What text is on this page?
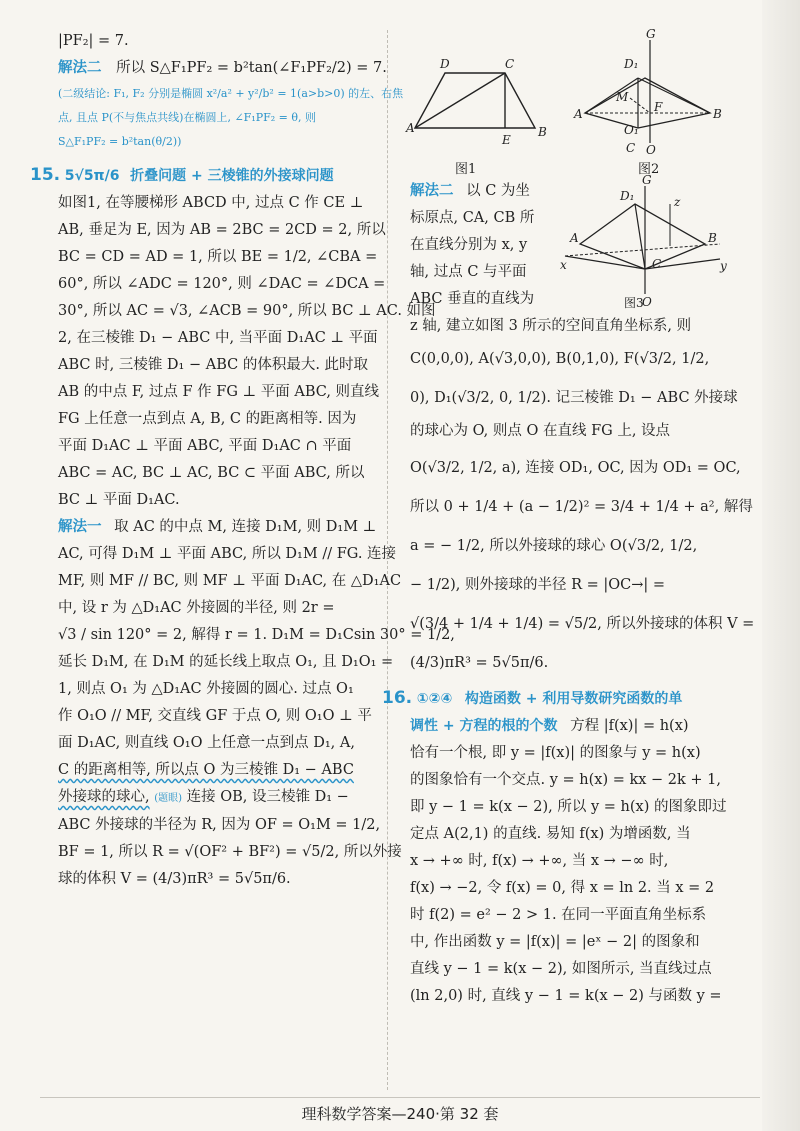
|PF₂| = 7.
解法二 所以 S△F₁PF₂ = b²tan(∠F₁PF₂/2) = 7.
(二级结论: F₁, F₂ 分别是椭圆 x²/a² + y²/b² = 1(a>b>0) 的左、右焦
点, 且点 P(不与焦点共线)在椭圆上, ∠F₁PF₂ = θ, 则
S△F₁PF₂ = b²tan(θ/2))
15. 5√5π/6 折叠问题 + 三棱锥的外接球问题
如图1, 在等腰梯形 ABCD 中, 过点 C 作 CE ⊥
AB, 垂足为 E, 因为 AB = 2BC = 2CD = 2, 所以
BC = CD = AD = 1, 所以 BE = 1/2, ∠CBA =
60°, 所以 ∠ADC = 120°, 则 ∠DAC = ∠DCA =
30°, 所以 AC = √3, ∠ACB = 90°, 所以 BC ⊥ AC. 如图
2, 在三棱锥 D₁ − ABC 中, 当平面 D₁AC ⊥ 平面
ABC 时, 三棱锥 D₁ − ABC 的体积最大. 此时取
AB 的中点 F, 过点 F 作 FG ⊥ 平面 ABC, 则直线
FG 上任意一点到点 A, B, C 的距离相等. 因为
平面 D₁AC ⊥ 平面 ABC, 平面 D₁AC ∩ 平面
ABC = AC, BC ⊥ AC, BC ⊂ 平面 ABC, 所以
BC ⊥ 平面 D₁AC.
解法一 取 AC 的中点 M, 连接 D₁M, 则 D₁M ⊥
AC, 可得 D₁M ⊥ 平面 ABC, 所以 D₁M // FG. 连接
MF, 则 MF // BC, 则 MF ⊥ 平面 D₁AC, 在 △D₁AC
中, 设 r 为 △D₁AC 外接圆的半径, 则 2r =
√3 / sin 120° = 2, 解得 r = 1. D₁M = D₁Csin 30° = 1/2,
延长 D₁M, 在 D₁M 的延长线上取点 O₁, 且 D₁O₁ =
1, 则点 O₁ 为 △D₁AC 外接圆的圆心. 过点 O₁
作 O₁O // MF, 交直线 GF 于点 O, 则 O₁O ⊥ 平
面 D₁AC, 则直线 O₁O 上任意一点到点 D₁, A,
C 的距离相等, 所以点 O 为三棱锥 D₁ − ABC
外接球的球心, (题眼) 连接 OB, 设三棱锥 D₁ −
ABC 外接球的半径为 R, 因为 OF = O₁M = 1/2,
BF = 1, 所以 R = √(OF² + BF²) = √5/2, 所以外接
球的体积 V = (4/3)πR³ = 5√5π/6.
A	B
C
D
E
G
D₁
M
A	F	B
O₁
O
C
图1	图2
解法二 以 C 为坐
标原点, CA, CB 所
在直线分别为 x, y
轴, 过点 C 与平面
ABC 垂直的直线为
G
D₁	z
A
C
B
x	y
O
图3
z 轴, 建立如图 3 所示的空间直角坐标系, 则
C(0,0,0), A(√3,0,0), B(0,1,0), F(√3/2, 1/2,
0), D₁(√3/2, 0, 1/2). 记三棱锥 D₁ − ABC 外接球
的球心为 O, 则点 O 在直线 FG 上, 设点
O(√3/2, 1/2, a), 连接 OD₁, OC, 因为 OD₁ = OC,
所以 0 + 1/4 + (a − 1/2)² = 3/4 + 1/4 + a², 解得
a = − 1/2, 所以外接球的球心 O(√3/2, 1/2,
− 1/2), 则外接球的半径 R = |OC→| =
√(3/4 + 1/4 + 1/4) = √5/2, 所以外接球的体积 V =
(4/3)πR³ = 5√5π/6.
16. ①②④ 构造函数 + 利用导数研究函数的单
调性 + 方程的根的个数 方程 |f(x)| = h(x)
恰有一个根, 即 y = |f(x)| 的图象与 y = h(x)
的图象恰有一个交点. y = h(x) = kx − 2k + 1,
即 y − 1 = k(x − 2), 所以 y = h(x) 的图象即过
定点 A(2,1) 的直线. 易知 f(x) 为增函数, 当
x → +∞ 时, f(x) → +∞, 当 x → −∞ 时,
f(x) → −2, 令 f(x) = 0, 得 x = ln 2. 当 x = 2
时 f(2) = e² − 2 > 1. 在同一平面直角坐标系
中, 作出函数 y = |f(x)| = |eˣ − 2| 的图象和
直线 y − 1 = k(x − 2), 如图所示, 当直线过点
(ln 2,0) 时, 直线 y − 1 = k(x − 2) 与函数 y =
理科数学答案—240·第 32 套
